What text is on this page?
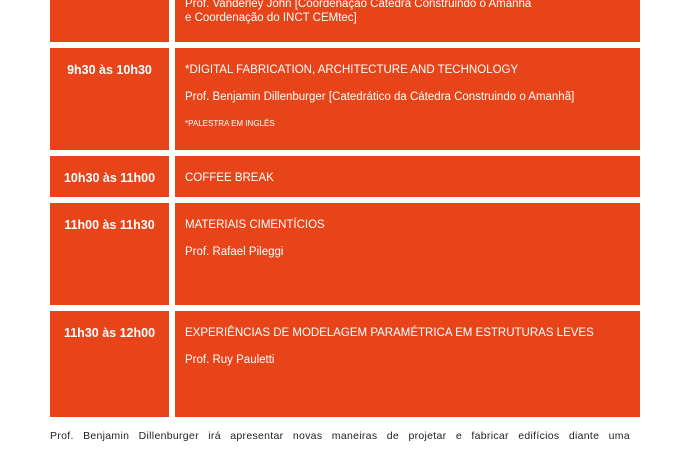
Prof. Vanderley John [Coordenação Cátedra Construindo o Amanhã
e Coordenação do INCT CEMtec]
9h30 às 10h30	*DIGITAL FABRICATION, ARCHITECTURE AND TECHNOLOGY
Prof. Benjamin Dillenburger [Catedrático da Cátedra Construindo o Amanhã]
*PALESTRA EM INGLÊS
10h30 às 11h00	COFFEE BREAK
11h00 às 11h30	MATERIAIS CIMENTÍCIOS
Prof. Rafael Pileggi
11h30 às 12h00	EXPERIÊNCIAS DE MODELAGEM PARAMÉTRICA EM ESTRUTURAS LEVES
Prof. Ruy Pauletti
Prof. Benjamin Dillenburger irá apresentar novas maneiras de projetar e fabricar edifícios diante uma
